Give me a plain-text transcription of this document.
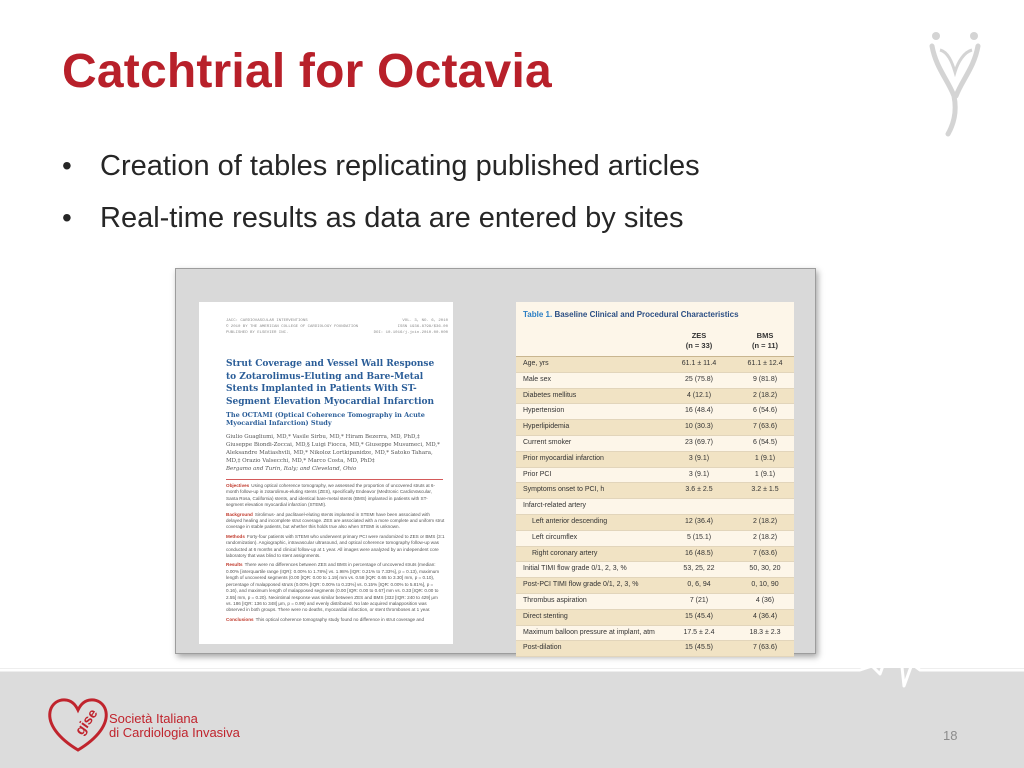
Catchtrial for Octavia
• Creation of tables replicating published articles
• Real-time results as data are entered by sites
JACC: CARDIOVASCULAR INTERVENTIONS	VOL. 3, NO. 6, 2010
© 2010 BY THE AMERICAN COLLEGE OF CARDIOLOGY FOUNDATION	ISSN 1936-8798/$36.00
PUBLISHED BY ELSEVIER INC.	DOI: 10.1016/j.jcin.2010.00.000
Strut Coverage and Vessel Wall Response to Zotarolimus-Eluting and Bare-Metal Stents Implanted in Patients With ST-Segment Elevation Myocardial Infarction
The OCTAMI (Optical Coherence Tomography in Acute Myocardial Infarction) Study
Giulio Guagliumi, MD,* Vasile Sirbu, MD,* Hiram Bezerra, MD, PhD,‡ Giuseppe Biondi-Zoccai, MD,§ Luigi Fiocca, MD,* Giuseppe Musumeci, MD,* Aleksandre Matiashvili, MD,* Nikoloz Lortkipanidze, MD,* Satoko Tahara, MD,‡ Orazio Valsecchi, MD,* Marco Costa, MD, PhD‡
Bergamo and Turin, Italy; and Cleveland, Ohio
Objectives Using optical coherence tomography, we assessed the proportion of uncovered struts at 6-month follow-up in zotarolimus-eluting stents (ZES), specifically Endeavor (Medtronic CardioVascular, Santa Rosa, California) stents, and identical bare-metal stents (BMS) implanted in patients with ST-segment elevation myocardial infarction (STEMI).
Background Sirolimus- and paclitaxel-eluting stents implanted in STEMI have been associated with delayed healing and incomplete strut coverage. ZES are associated with a more complete and uniform strut coverage in stable patients, but whether this holds true also when STEMI is unknown.
Methods Forty-four patients with STEMI who underwent primary PCI were randomized to ZES or BMS (3:1 randomization). Angiographic, intravascular ultrasound, and optical coherence tomography follow-up was conducted at 6 months and clinical follow-up at 1 year. All images were analyzed by an independent core laboratory that was blind to stent assignments.
Results There were no differences between ZES and BMS in percentage of uncovered struts (median: 0.00% [interquartile range (IQR): 0.00% to 1.78%] vs. 1.98% [IQR: 0.21% to 7.33%], p = 0.13), maximum length of uncovered segments (0.00 [IQR: 0.00 to 1.19] mm vs. 0.58 [IQR: 0.65 to 3.30] mm, p = 0.10), percentage of malapposed struts (0.00% [IQR: 0.00% to 0.23%] vs. 0.15% [IQR: 0.00% to 5.81%], p = 0.16), and maximum length of malapposed segments (0.00 [IQR: 0.00 to 0.67] mm vs. 0.33 [IQR: 0.00 to 2.55] mm, p = 0.20). Neointimal response was similar between ZES and BMS (332 [IQR: 240 to 429] μm vs. 186 [IQR: 136 to 348] μm, p = 0.99) and evenly distributed. No late acquired malapposition was observed in both groups. There were no deaths, myocardial infarction, or stent thromboses at 1 year.
Conclusions This optical coherence tomography study found no difference in strut coverage and
Table 1. Baseline Clinical and Procedural Characteristics
ZES
(n = 33)
BMS
(n = 11)
Age, yrs	61.1 ± 11.4	61.1 ± 12.4
Male sex	25 (75.8)	9 (81.8)
Diabetes mellitus	4 (12.1)	2 (18.2)
Hypertension	16 (48.4)	6 (54.6)
Hyperlipidemia	10 (30.3)	7 (63.6)
Current smoker	23 (69.7)	6 (54.5)
Prior myocardial infarction	3 (9.1)	1 (9.1)
Prior PCI	3 (9.1)	1 (9.1)
Symptoms onset to PCI, h	3.6 ± 2.5	3.2 ± 1.5
Infarct-related artery
Left anterior descending	12 (36.4)	2 (18.2)
Left circumflex	5 (15.1)	2 (18.2)
Right coronary artery	16 (48.5)	7 (63.6)
Initial TIMI flow grade 0/1, 2, 3, %	53, 25, 22	50, 30, 20
Post-PCI TIMI flow grade 0/1, 2, 3, %	0, 6, 94	0, 10, 90
Thrombus aspiration	7 (21)	4 (36)
Direct stenting	15 (45.4)	4 (36.4)
Maximum balloon pressure at implant, atm	17.5 ± 2.4	18.3 ± 2.3
Post-dilation	15 (45.5)	7 (63.6)
gise Società Italiana
di Cardiologia Invasiva	18
